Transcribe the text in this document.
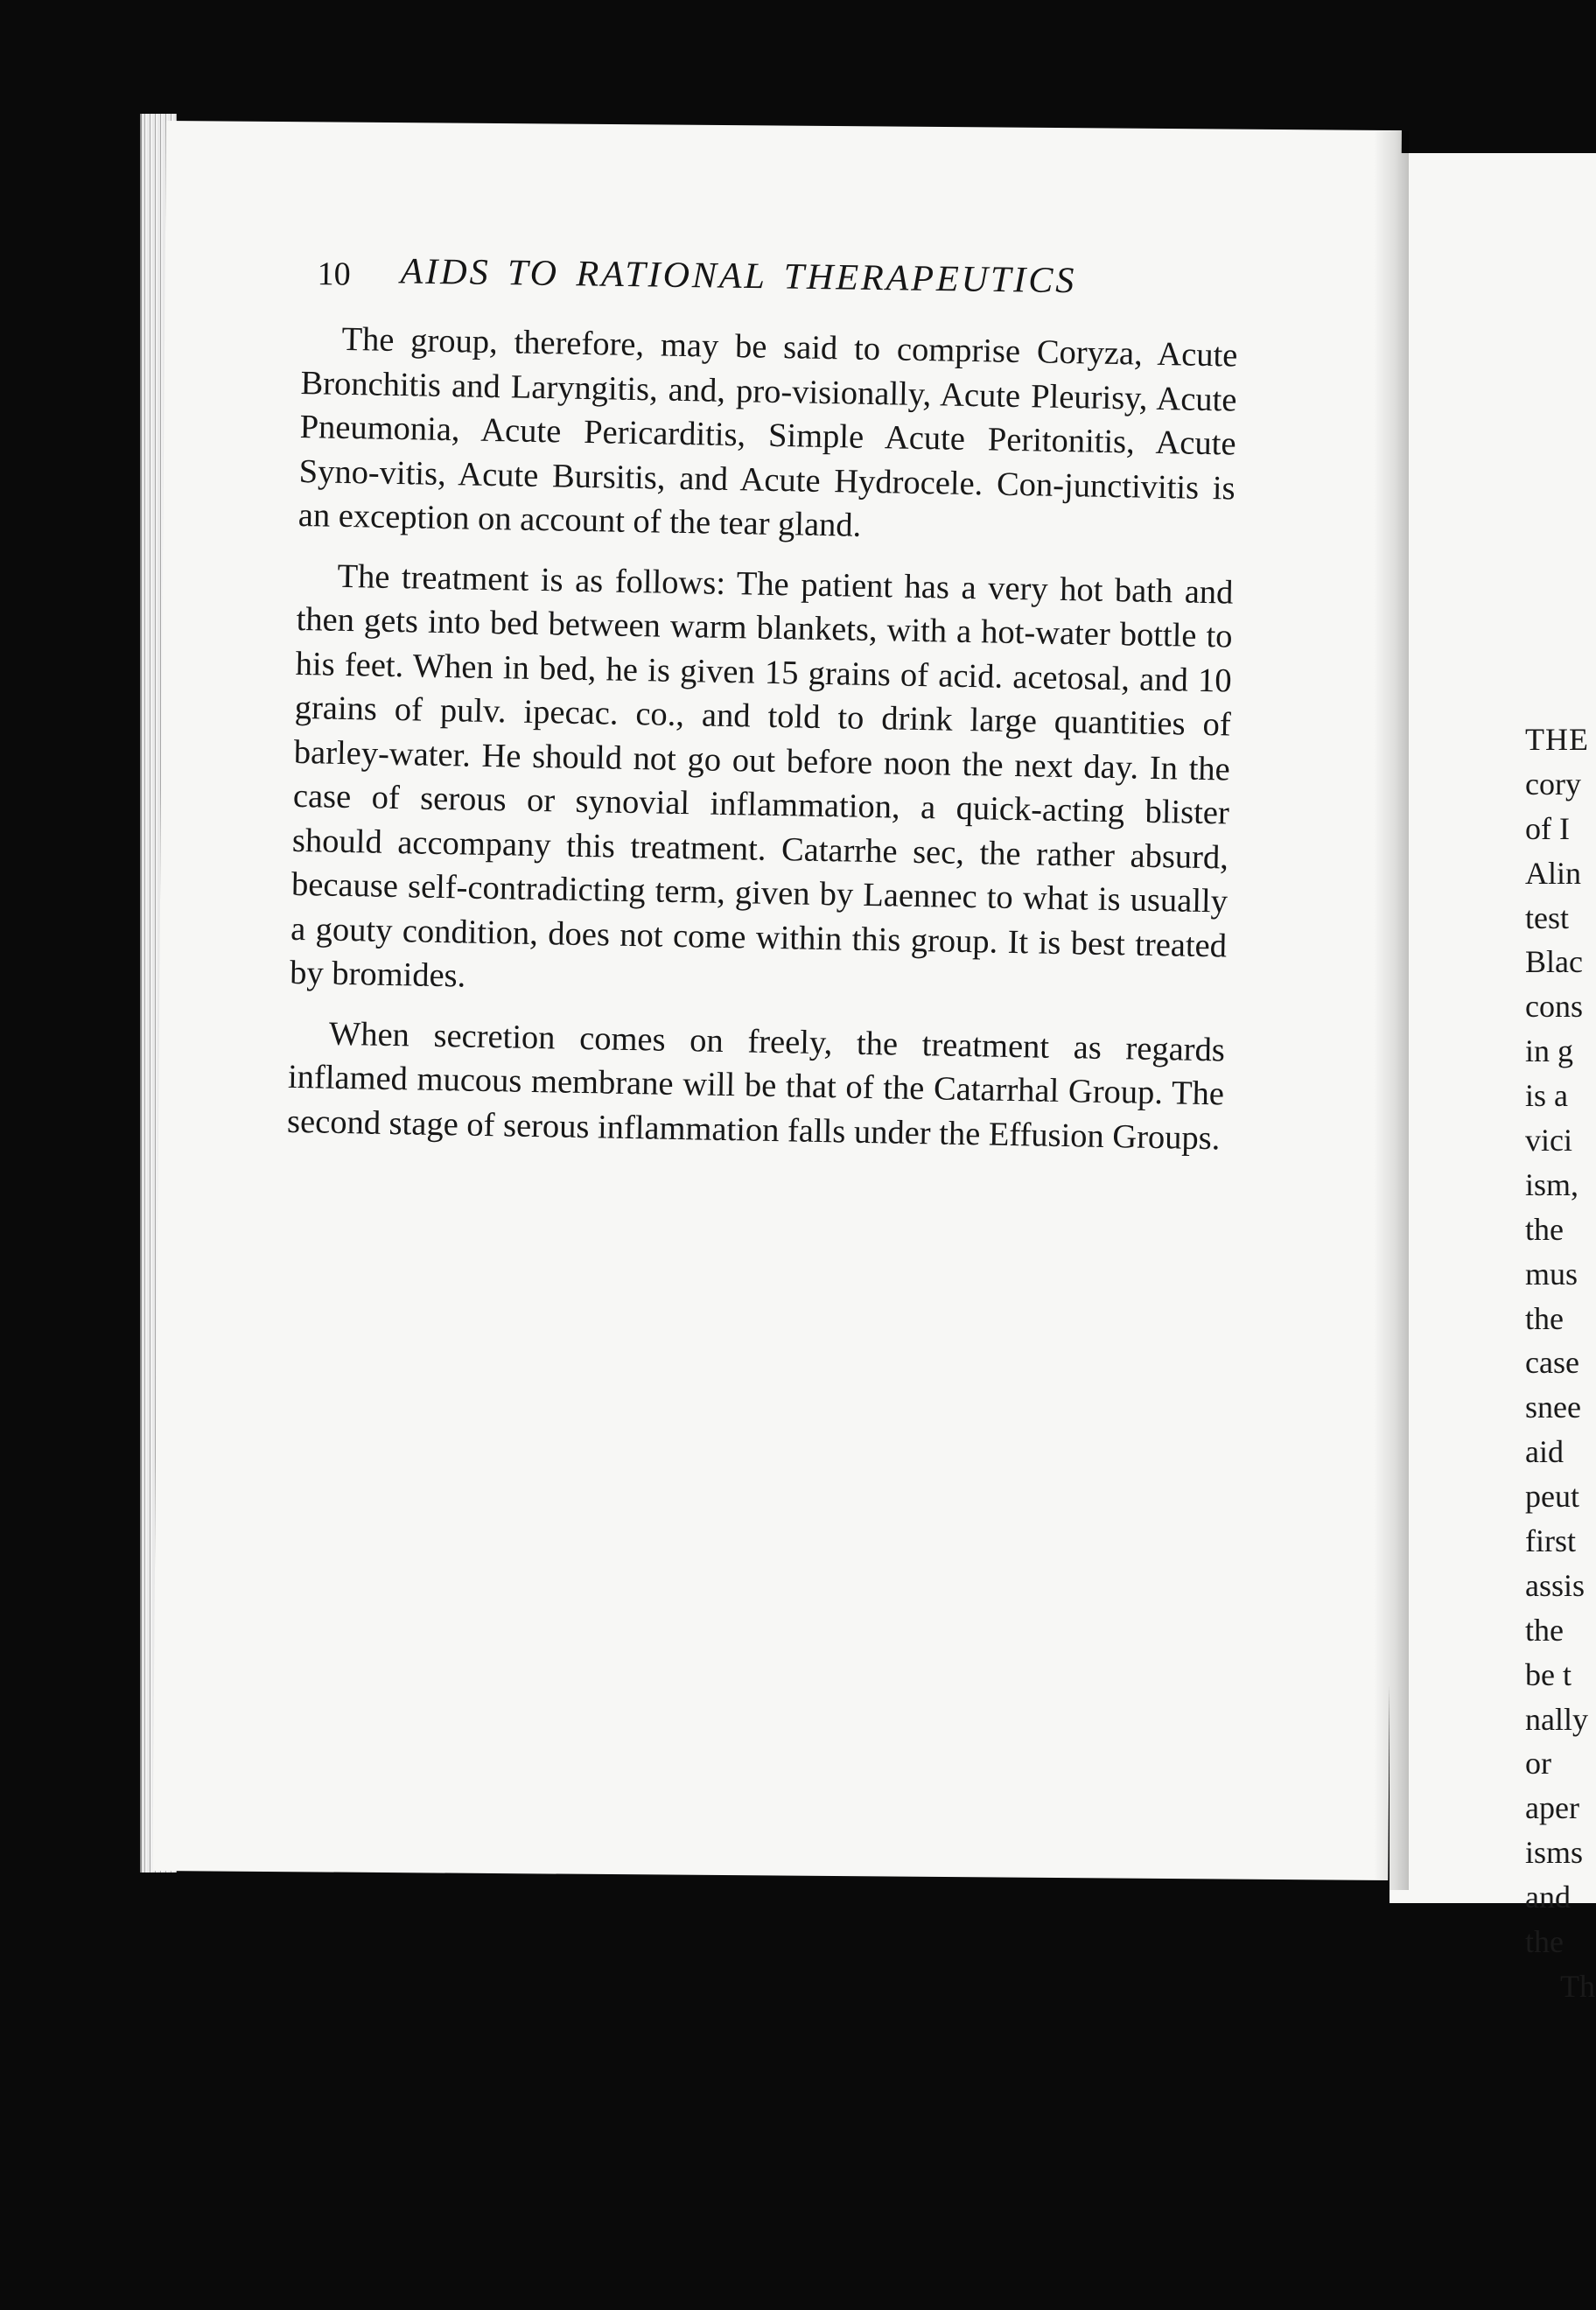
10 AIDS TO RATIONAL THERAPEUTICS

The group, therefore, may be said to comprise Coryza, Acute Bronchitis and Laryngitis, and, pro-visionally, Acute Pleurisy, Acute Pneumonia, Acute Pericarditis, Simple Acute Peritonitis, Acute Syno-vitis, Acute Bursitis, and Acute Hydrocele. Con-junctivitis is an exception on account of the tear gland.

The treatment is as follows: The patient has a very hot bath and then gets into bed between warm blankets, with a hot-water bottle to his feet. When in bed, he is given 15 grains of acid. acetosal, and 10 grains of pulv. ipecac. co., and told to drink large quantities of barley-water. He should not go out before noon the next day. In the case of serous or synovial inflammation, a quick-acting blister should accompany this treatment. Catarrhe sec, the rather absurd, because self-contradicting term, given by Laennec to what is usually a gouty condition, does not come within this group. It is best treated by bromides.

When secretion comes on freely, the treatment as regards inflamed mucous membrane will be that of the Catarrhal Group. The second stage of serous inflammation falls under the Effusion Groups.

THE
cory
of I
Alin
test
Blac
cons
in g
is a
vici
ism,
the
mus
the
case
snee
aid
peut
first
assis
the
be t
nally
or
aper
isms
and
the
Th
